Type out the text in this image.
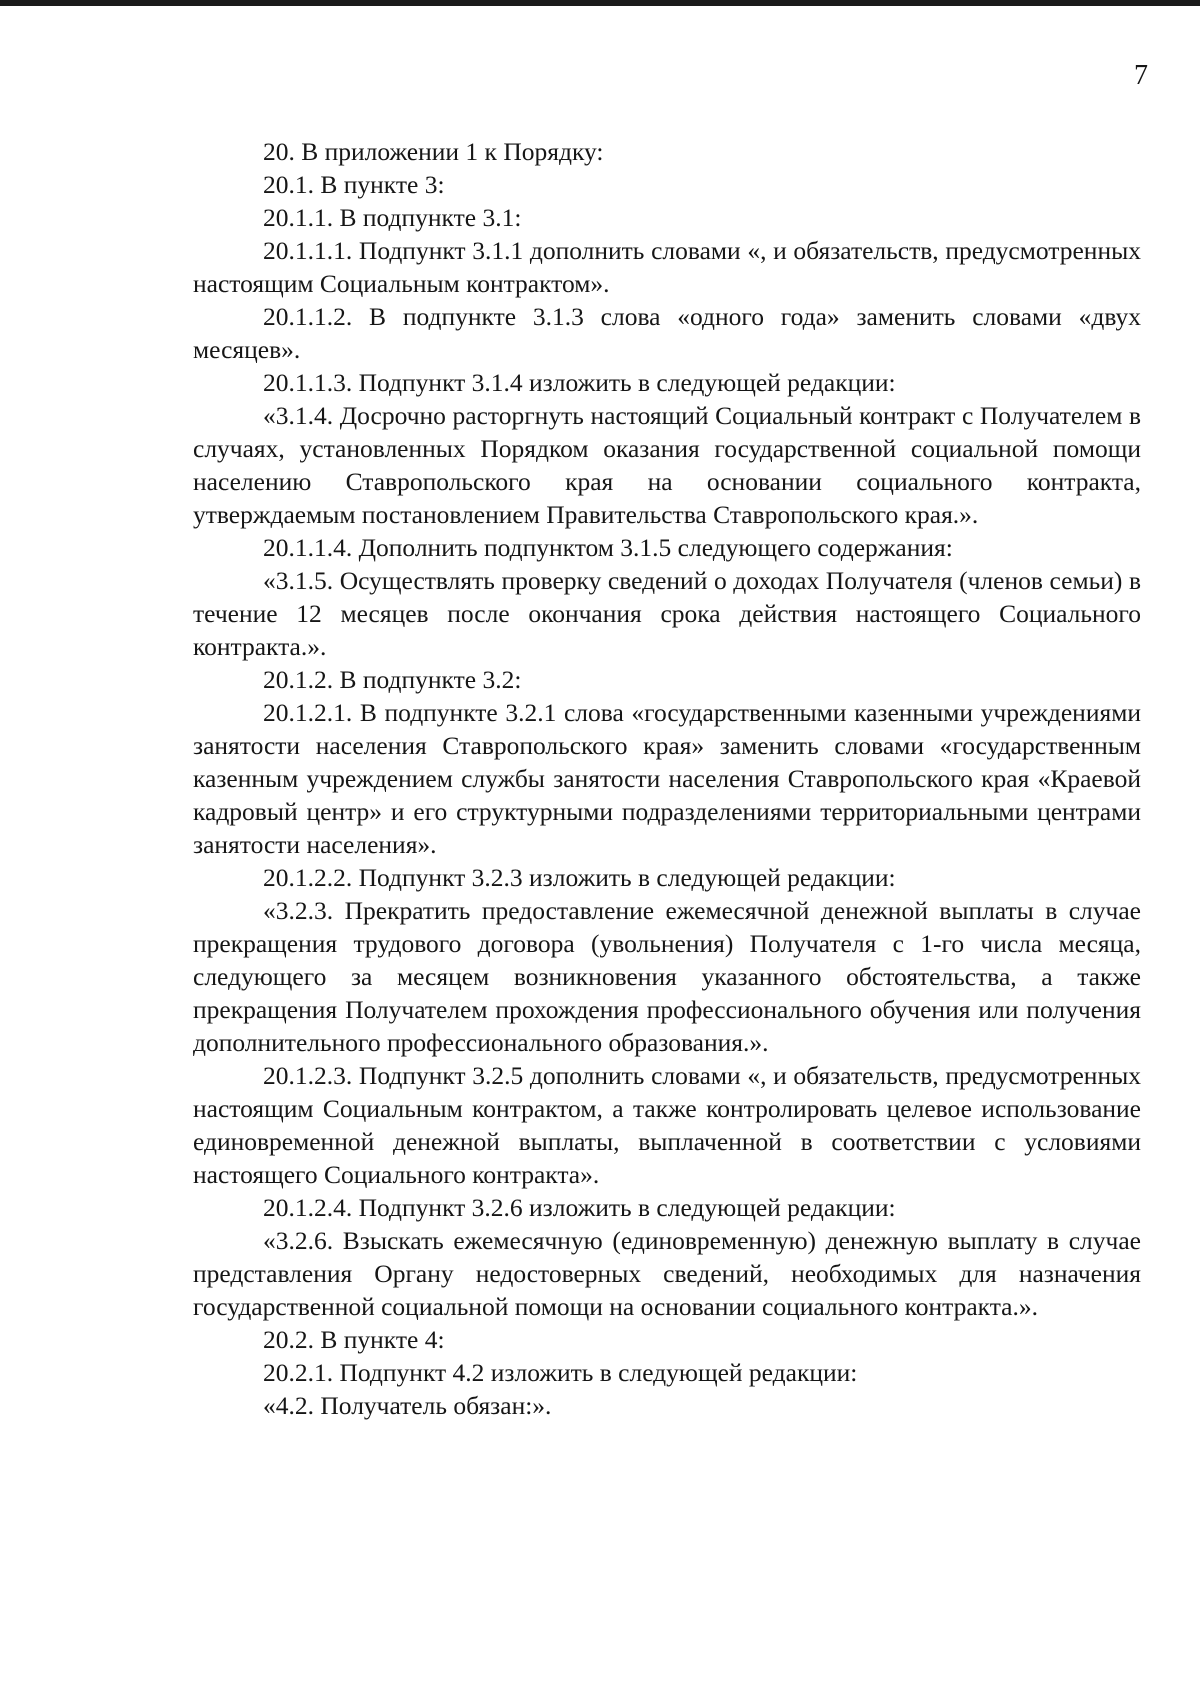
7

20. В приложении 1 к Порядку:

20.1. В пункте 3:

20.1.1. В подпункте 3.1:

20.1.1.1. Подпункт 3.1.1 дополнить словами «, и обязательств, предусмотренных настоящим Социальным контрактом».

20.1.1.2. В подпункте 3.1.3 слова «одного года» заменить словами «двух месяцев».

20.1.1.3. Подпункт 3.1.4 изложить в следующей редакции:

«3.1.4. Досрочно расторгнуть настоящий Социальный контракт с Получателем в случаях, установленных Порядком оказания государственной социальной помощи населению Ставропольского края на основании социального контракта, утверждаемым постановлением Правительства Ставропольского края.».

20.1.1.4. Дополнить подпунктом 3.1.5 следующего содержания:

«3.1.5. Осуществлять проверку сведений о доходах Получателя (членов семьи) в течение 12 месяцев после окончания срока действия настоящего Социального контракта.».

20.1.2. В подпункте 3.2:

20.1.2.1. В подпункте 3.2.1 слова «государственными казенными учреждениями занятости населения Ставропольского края» заменить словами «государственным казенным учреждением службы занятости населения Ставропольского края «Краевой кадровый центр» и его структурными подразделениями территориальными центрами занятости населения».

20.1.2.2. Подпункт 3.2.3 изложить в следующей редакции:

«3.2.3. Прекратить предоставление ежемесячной денежной выплаты в случае прекращения трудового договора (увольнения) Получателя с 1-го числа месяца, следующего за месяцем возникновения указанного обстоятельства, а также прекращения Получателем прохождения профессионального обучения или получения дополнительного профессионального образования.».

20.1.2.3. Подпункт 3.2.5 дополнить словами «, и обязательств, предусмотренных настоящим Социальным контрактом, а также контролировать целевое использование единовременной денежной выплаты, выплаченной в соответствии с условиями настоящего Социального контракта».

20.1.2.4. Подпункт 3.2.6 изложить в следующей редакции:

«3.2.6. Взыскать ежемесячную (единовременную) денежную выплату в случае представления Органу недостоверных сведений, необходимых для назначения государственной социальной помощи на основании социального контракта.».

20.2. В пункте 4:

20.2.1. Подпункт 4.2 изложить в следующей редакции:

«4.2. Получатель обязан:».
